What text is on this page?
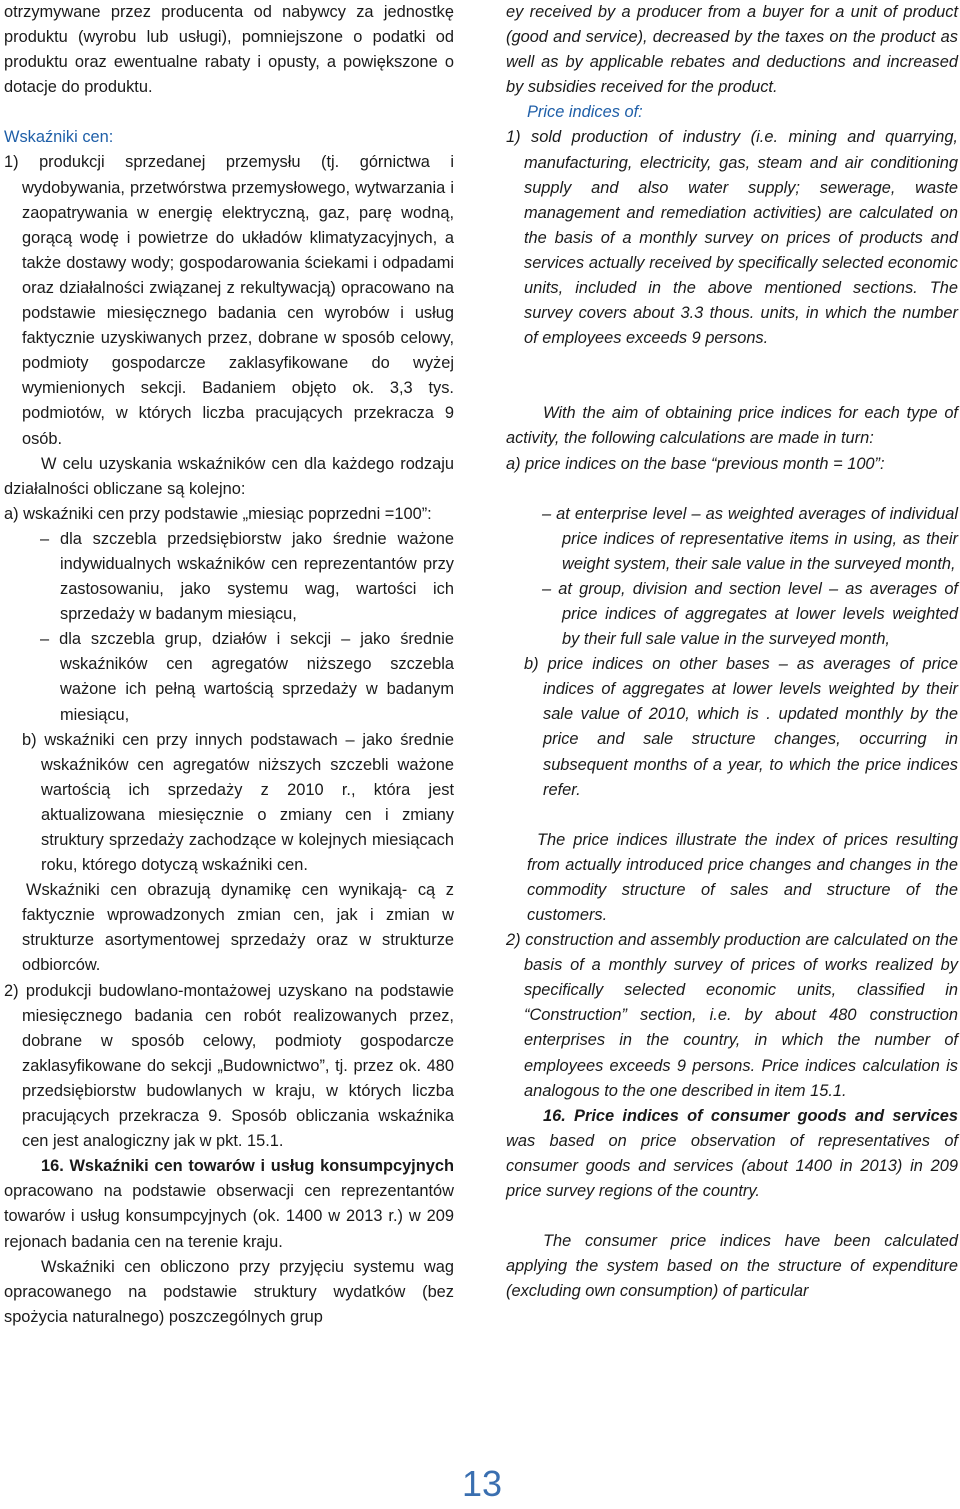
otrzymywane przez producenta od nabywcy za jednostkę produktu (wyrobu lub usługi), pomniejszone o podatki od produktu oraz ewentualne rabaty i opusty, a powiększone o dotacje do produktu.

Wskaźniki cen:

1) produkcji sprzedanej przemysłu (tj. górnictwa i wydobywania, przetwórstwa przemysłowego, wytwarzania i zaopatrywania w energię elektryczną, gaz, parę wodną, gorącą wodę i powietrze do układów klimatyzacyjnych, a także dostawy wody; gospodarowania ściekami i odpadami oraz działalności związanej z rekultywacją) opracowano na podstawie miesięcznego badania cen wyrobów i usług faktycznie uzyskiwanych przez, dobrane w sposób celowy, podmioty gospodarcze zaklasyfikowane do wyżej wymienionych sekcji. Badaniem objęto ok. 3,3 tys. podmiotów, w których liczba pracujących przekracza 9 osób.

W celu uzyskania wskaźników cen dla każdego rodzaju działalności obliczane są kolejno:

a) wskaźniki cen przy podstawie „miesiąc poprzedni =100”:

– dla szczebla przedsiębiorstw jako średnie ważone indywidualnych wskaźników cen reprezentantów przy zastosowaniu, jako systemu wag, wartości ich sprzedaży w badanym miesiącu,

– dla szczebla grup, działów i sekcji – jako średnie wskaźników cen agregatów niższego szczebla ważone ich pełną wartością sprzedaży w badanym miesiącu,

b) wskaźniki cen przy innych podstawach – jako średnie wskaźników cen agregatów niższych szczebli ważone wartością ich sprzedaży z 2010 r., która jest aktualizowana miesięcznie o zmiany cen i zmiany struktury sprzedaży zachodzące w kolejnych miesiącach roku, którego dotyczą wskaźniki cen.

Wskaźniki cen obrazują dynamikę cen wynikają- cą z faktycznie wprowadzonych zmian cen, jak i zmian w strukturze asortymentowej sprzedaży oraz w strukturze odbiorców.

2) produkcji budowlano-montażowej uzyskano na podstawie miesięcznego badania cen robót realizowanych przez, dobrane w sposób celowy, podmioty gospodarcze zaklasyfikowane do sekcji „Budownictwo”, tj. przez ok. 480 przedsiębiorstw budowlanych w kraju, w których liczba pracujących przekracza 9. Sposób obliczania wskaźnika cen jest analogiczny jak w pkt. 15.1.

16. Wskaźniki cen towarów i usług konsumpcyjnych opracowano na podstawie obserwacji cen reprezentantów towarów i usług konsumpcyjnych (ok. 1400 w 2013 r.) w 209 rejonach badania cen na terenie kraju.

Wskaźniki cen obliczono przy przyjęciu systemu wag opracowanego na podstawie struktury wydatków (bez spożycia naturalnego) poszczególnych grup

ey received by a producer from a buyer for a unit of product (good and service), decreased by the taxes on the product as well as by applicable rebates and deductions and increased by subsidies received for the product.

Price indices of:

1) sold production of industry (i.e. mining and quarrying, manufacturing, electricity, gas, steam and air conditioning supply and also water supply; sewerage, waste management and remediation activities) are calculated on the basis of a monthly survey on prices of products and services actually received by specifically selected economic units, included in the above mentioned sections. The survey covers about 3.3 thous. units, in which the number of employees exceeds 9 persons.

With the aim of obtaining price indices for each type of activity, the following calculations are made in turn:

a) price indices on the base “previous month = 100”:

– at enterprise level – as weighted averages of individual price indices of representative items in using, as their weight system, their sale value in the surveyed month,

– at group, division and section level – as averages of price indices of aggregates at lower levels weighted by their full sale value in the surveyed month,

b) price indices on other bases – as averages of price indices of aggregates at lower levels weighted by their sale value of 2010, which is . updated monthly by the price and sale structure changes, occurring in subsequent months of a year, to which the price indices refer.

The price indices illustrate the index of prices resulting from actually introduced price changes and changes in the commodity structure of sales and structure of the customers.

2) construction and assembly production are calculated on the basis of a monthly survey of prices of works realized by specifically selected economic units, classified in “Construction” section, i.e. by about 480 construction enterprises in the country, in which the number of employees exceeds 9 persons. Price indices calculation is analogous to the one described in item 15.1.

16. Price indices of consumer goods and services was based on price observation of representatives of consumer goods and services (about 1400 in 2013) in 209 price survey regions of the country.

The consumer price indices have been calculated applying the system based on the structure of expenditure (excluding own consumption) of particular

13
